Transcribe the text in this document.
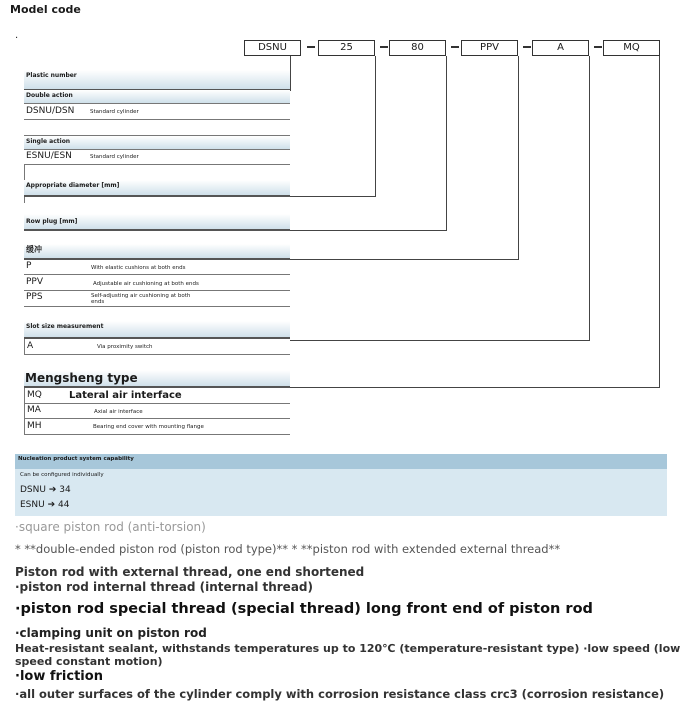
Model code
.
DSNU	25	80	PPV	A	MQ
Plastic number
Double action
DSNU/DSN	Standard cylinder
Single action
ESNU/ESN	Standard cylinder
Appropriate diameter [mm]
Row plug [mm]
缓冲
P	With elastic cushions at both ends
PPV	Adjustable air cushioning at both ends
PPS	Self-adjusting air cushioning at both ends
Slot size measurement
A	Via proximity switch
Mengsheng type
MQ	Lateral air interface
MA	Axial air interface
MH	Bearing end cover with mounting flange
Nucleation product system capability
Can be configured individually
DSNU ➔ 34
ESNU ➔ 44
·square piston rod (anti-torsion)
* **double-ended piston rod (piston rod type)** * **piston rod with extended external thread**
Piston rod with external thread, one end shortened
·piston rod internal thread (internal thread)
·piston rod special thread (special thread) long front end of piston rod
·clamping unit on piston rod
Heat-resistant sealant, withstands temperatures up to 120℃ (temperature-resistant type) ·low speed (low
speed constant motion)
·low friction
·all outer surfaces of the cylinder comply with corrosion resistance class crc3 (corrosion resistance)
